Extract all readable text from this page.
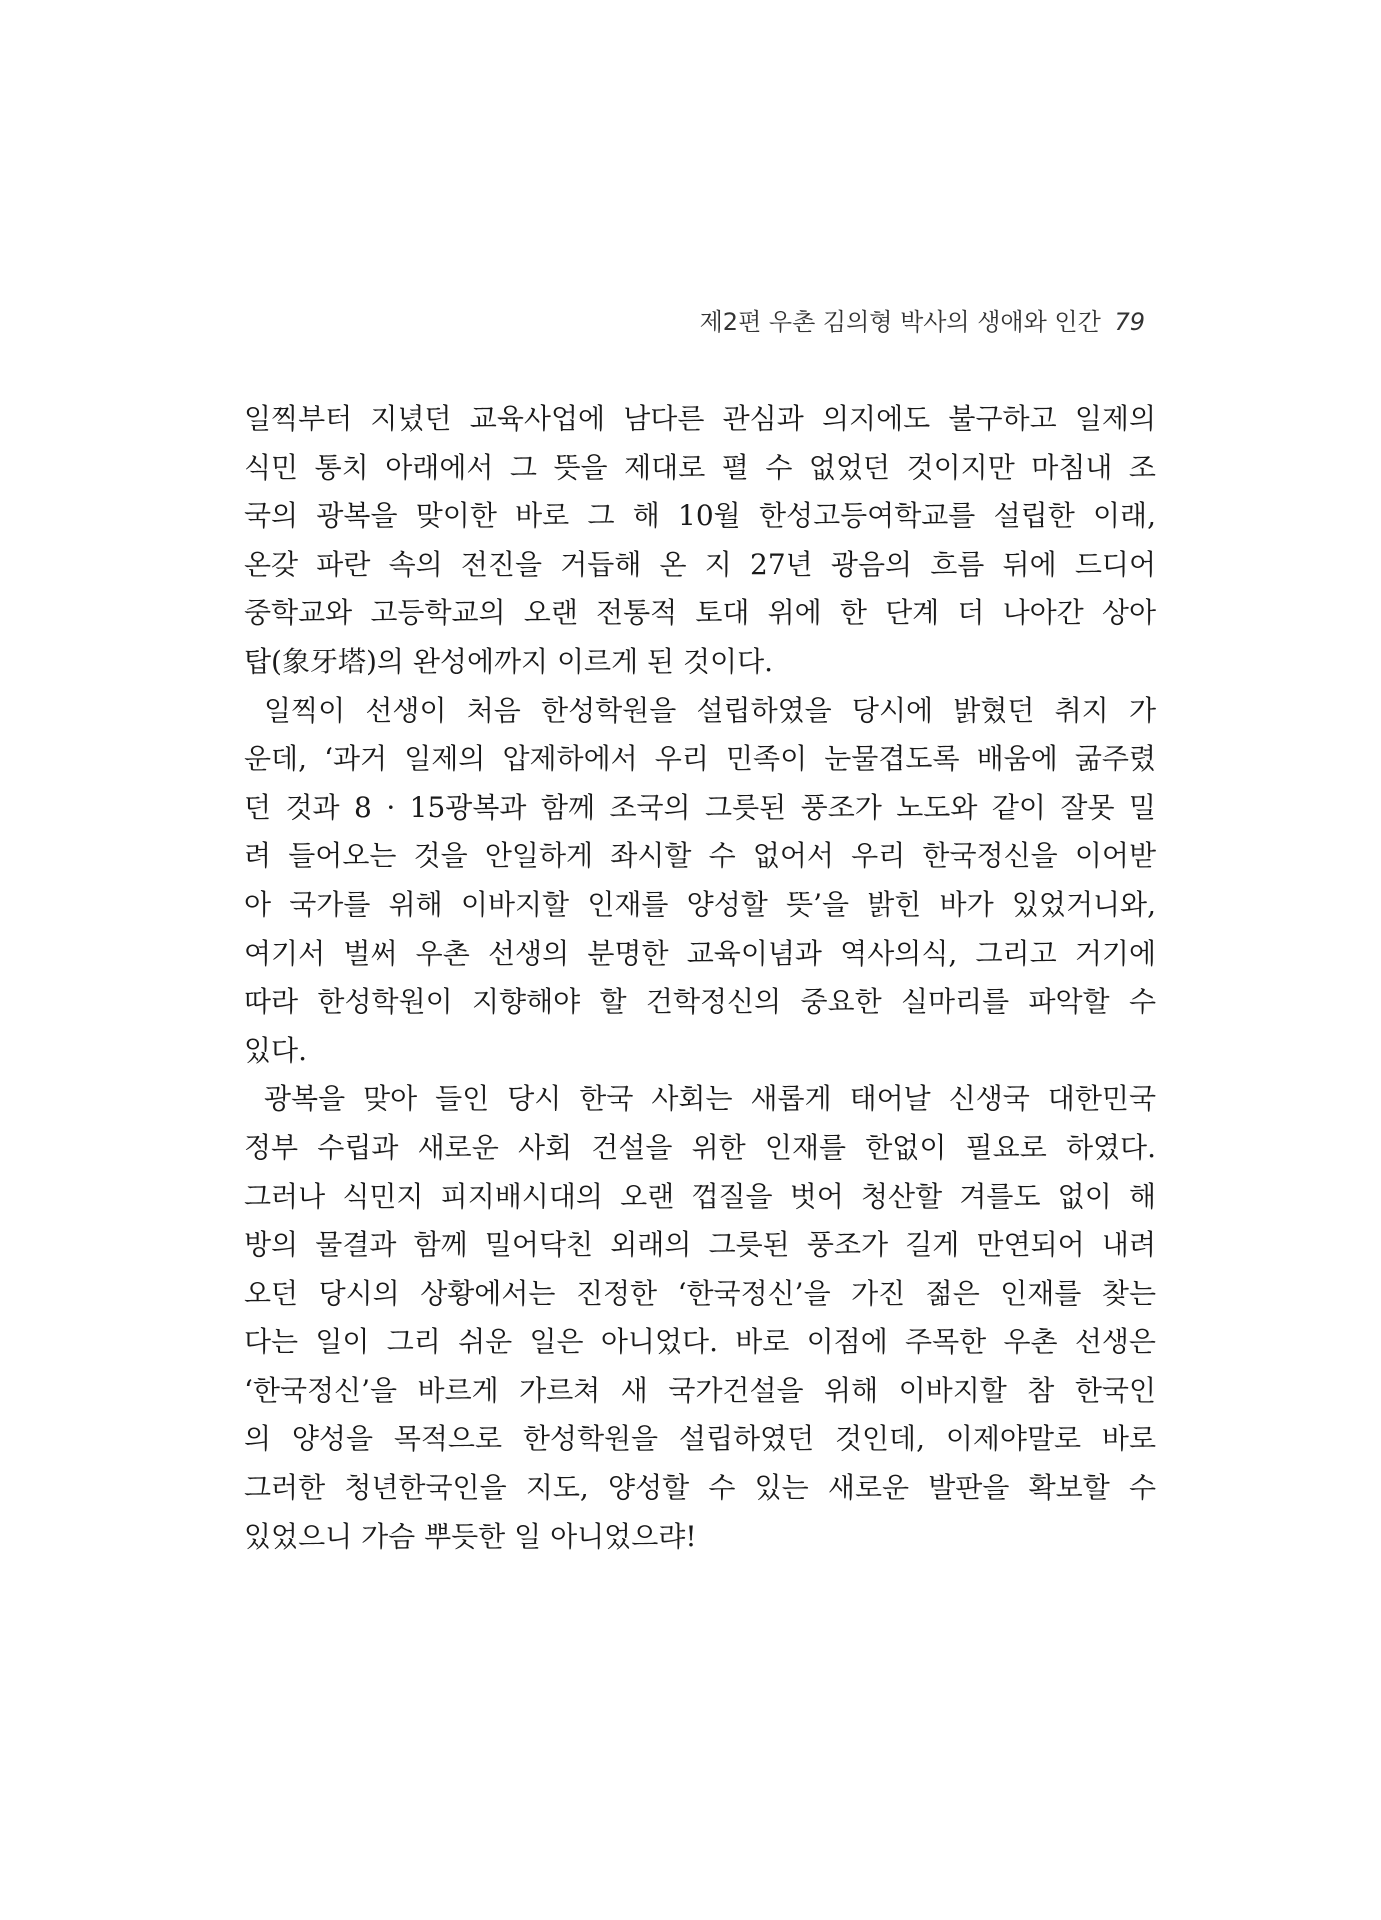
제2편 우촌 김의형 박사의 생애와 인간 79
일찍부터 지녔던 교육사업에 남다른 관심과 의지에도 불구하고 일제의
식민 통치 아래에서 그 뜻을 제대로 펼 수 없었던 것이지만 마침내 조
국의 광복을 맞이한 바로 그 해 10월 한성고등여학교를 설립한 이래,
온갖 파란 속의 전진을 거듭해 온 지 27년 광음의 흐름 뒤에 드디어
중학교와 고등학교의 오랜 전통적 토대 위에 한 단계 더 나아간 상아
탑(象牙塔)의 완성에까지 이르게 된 것이다.
일찍이 선생이 처음 한성학원을 설립하였을 당시에 밝혔던 취지 가
운데, ‘과거 일제의 압제하에서 우리 민족이 눈물겹도록 배움에 굶주렸
던 것과 8 · 15광복과 함께 조국의 그릇된 풍조가 노도와 같이 잘못 밀
려 들어오는 것을 안일하게 좌시할 수 없어서 우리 한국정신을 이어받
아 국가를 위해 이바지할 인재를 양성할 뜻’을 밝힌 바가 있었거니와,
여기서 벌써 우촌 선생의 분명한 교육이념과 역사의식, 그리고 거기에
따라 한성학원이 지향해야 할 건학정신의 중요한 실마리를 파악할 수
있다.
광복을 맞아 들인 당시 한국 사회는 새롭게 태어날 신생국 대한민국
정부 수립과 새로운 사회 건설을 위한 인재를 한없이 필요로 하였다.
그러나 식민지 피지배시대의 오랜 껍질을 벗어 청산할 겨를도 없이 해
방의 물결과 함께 밀어닥친 외래의 그릇된 풍조가 길게 만연되어 내려
오던 당시의 상황에서는 진정한 ‘한국정신’을 가진 젊은 인재를 찾는
다는 일이 그리 쉬운 일은 아니었다. 바로 이점에 주목한 우촌 선생은
‘한국정신’을 바르게 가르쳐 새 국가건설을 위해 이바지할 참 한국인
의 양성을 목적으로 한성학원을 설립하였던 것인데, 이제야말로 바로
그러한 청년한국인을 지도, 양성할 수 있는 새로운 발판을 확보할 수
있었으니 가슴 뿌듯한 일 아니었으랴!
